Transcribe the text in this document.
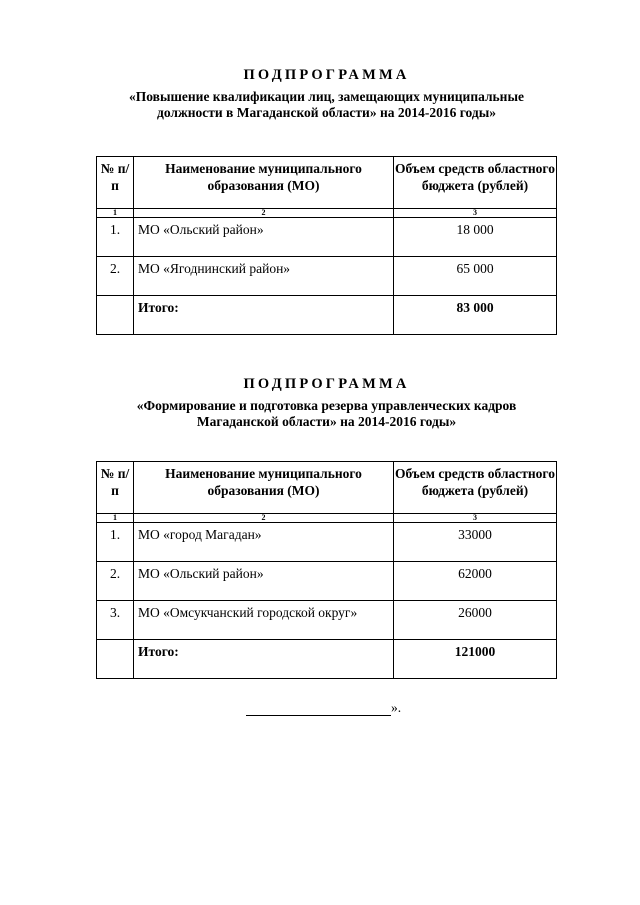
ПОДПРОГРАММА
«Повышение квалификации лиц, замещающих муниципальные
должности в Магаданской области» на 2014-2016 годы»
№ п/п	Наименование муниципального образования (МО)	Объем средств областного бюджета (рублей)
1	2	3
1.	МО «Ольский район»	18 000
2.	МО «Ягоднинский район»	65 000
	Итого:	83 000
ПОДПРОГРАММА
«Формирование и подготовка резерва управленческих кадров
Магаданской области» на 2014-2016 годы»
№ п/п	Наименование муниципального образования (МО)	Объем средств областного бюджета (рублей)
1	2	3
1.	МО «город Магадан»	33000
2.	МО «Ольский район»	62000
3.	МО «Омсукчанский городской округ»	26000
	Итого:	121000
».
